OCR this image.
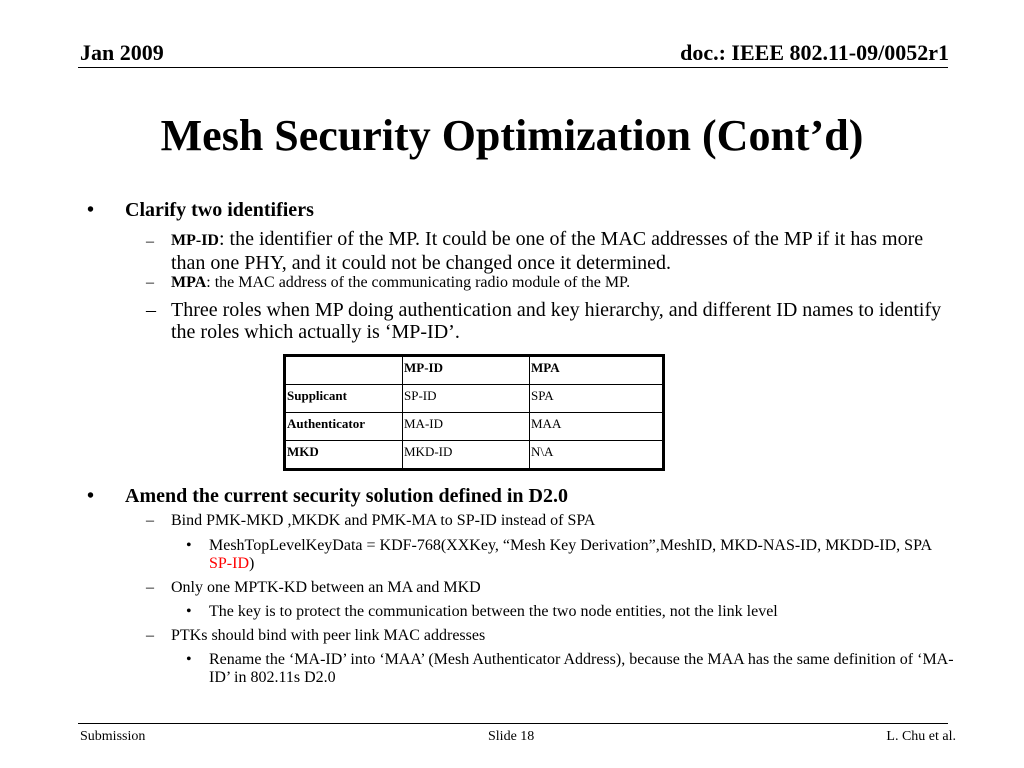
Jan 2009	doc.: IEEE 802.11-09/0052r1
Mesh Security Optimization (Cont’d)
• Clarify two identifiers
– MP-ID: the identifier of the MP. It could be one of the MAC addresses of the MP if it has more than one PHY, and it could not be changed once it determined.
– MPA: the MAC address of the communicating radio module of the MP.
– Three roles when MP doing authentication and key hierarchy, and different ID names to identify the roles which actually is ‘MP-ID’.
	MP-ID	MPA
Supplicant	SP-ID	SPA
Authenticator	MA-ID	MAA
MKD	MKD-ID	N\A
• Amend the current security solution defined in D2.0
– Bind PMK-MKD ,MKDK and PMK-MA to SP-ID instead of SPA
• MeshTopLevelKeyData = KDF-768(XXKey, “Mesh Key Derivation”,MeshID, MKD-NAS-ID, MKDD-ID, SPA SP-ID)
– Only one MPTK-KD between an MA and MKD
• The key is to protect the communication between the two node entities, not the link level
– PTKs should bind with peer link MAC addresses
• Rename the ‘MA-ID’ into ‘MAA’ (Mesh Authenticator Address), because the MAA has the same definition of ‘MA-ID’ in 802.11s D2.0
Submission	Slide 18	L. Chu et al.
